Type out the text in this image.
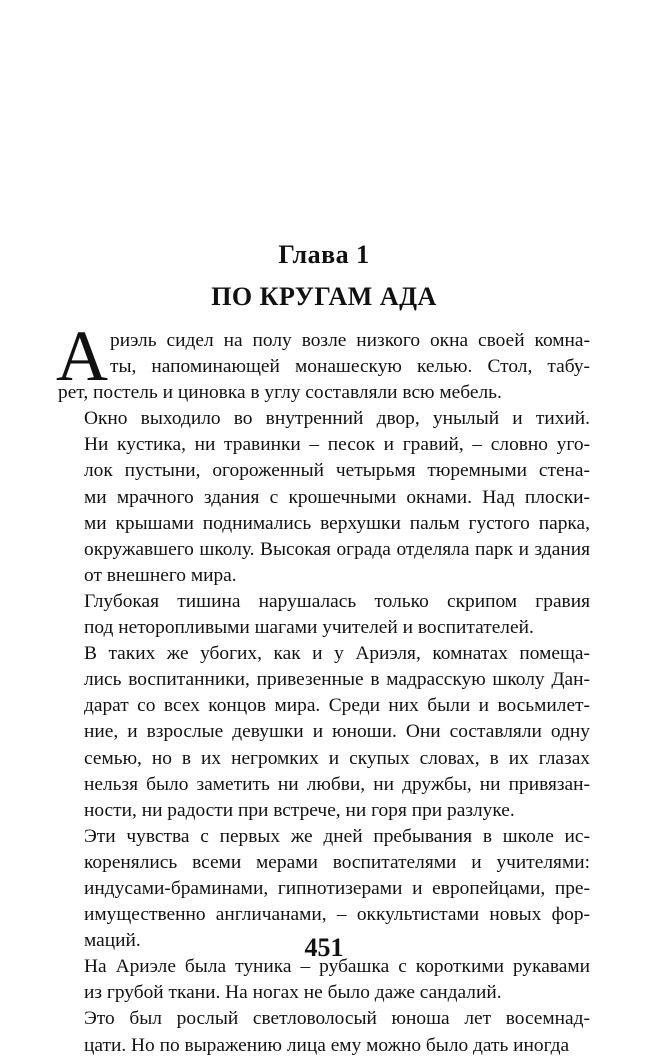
Глава 1
ПО КРУГАМ АДА
А риэль сидел на полу возле низкого окна своей комна-
ты, напоминающей монашескую келью. Стол, табу-
рет, постель и циновка в углу составляли всю мебель.

Окно выходило во внутренний двор, унылый и тихий.
Ни кустика, ни травинки – песок и гравий, – словно уго-
лок пустыни, огороженный четырьмя тюремными стена-
ми мрачного здания с крошечными окнами. Над плоски-
ми крышами поднимались верхушки пальм густого парка,
окружавшего школу. Высокая ограда отделяла парк и здания
от внешнего мира.

Глубокая тишина нарушалась только скрипом гравия
под неторопливыми шагами учителей и воспитателей.

В таких же убогих, как и у Ариэля, комнатах помеща-
лись воспитанники, привезенные в мадрасскую школу Дан-
дарат со всех концов мира. Среди них были и восьмилет-
ние, и взрослые девушки и юноши. Они составляли одну
семью, но в их негромких и скупых словах, в их глазах
нельзя было заметить ни любви, ни дружбы, ни привязан-
ности, ни радости при встрече, ни горя при разлуке.

Эти чувства с первых же дней пребывания в школе ис-
коренялись всеми мерами воспитателями и учителями:
индусами-браминами, гипнотизерами и европейцами, пре-
имущественно англичанами, – оккультистами новых фор-
маций.

На Ариэле была туника – рубашка с короткими рукавами
из грубой ткани. На ногах не было даже сандалий.

Это был рослый светловолосый юноша лет восемнад-
цати. Но по выражению лица ему можно было дать иногда

451
